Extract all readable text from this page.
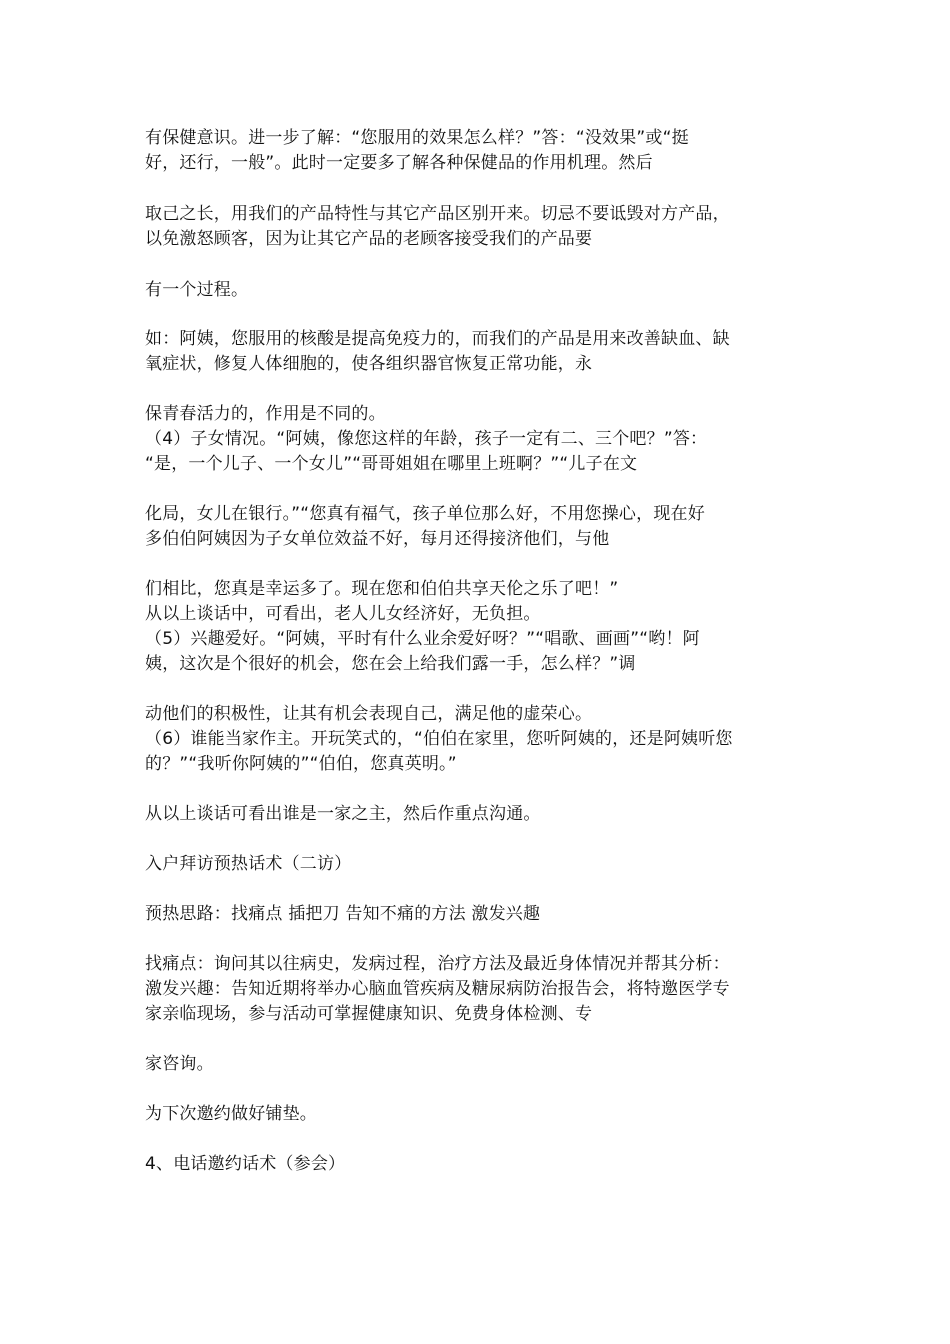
有保健意识。进一步了解：“您服用的效果怎么样？”答：“没效果”或“挺
好，还行，一般”。此时一定要多了解各种保健品的作用机理。然后
取己之长，用我们的产品特性与其它产品区别开来。切忌不要诋毁对方产品，
以免激怒顾客，因为让其它产品的老顾客接受我们的产品要
有一个过程。
如：阿姨，您服用的核酸是提高免疫力的，而我们的产品是用来改善缺血、缺
氧症状，修复人体细胞的，使各组织器官恢复正常功能，永
保青春活力的，作用是不同的。
（4）子女情况。“阿姨，像您这样的年龄，孩子一定有二、三个吧？”答：
“是，一个儿子、一个女儿”“哥哥姐姐在哪里上班啊？”“儿子在文
化局，女儿在银行。”“您真有福气，孩子单位那么好，不用您操心，现在好
多伯伯阿姨因为子女单位效益不好，每月还得接济他们，与他
们相比，您真是幸运多了。现在您和伯伯共享天伦之乐了吧！”
从以上谈话中，可看出，老人儿女经济好，无负担。
（5）兴趣爱好。“阿姨，平时有什么业余爱好呀？”“唱歌、画画”“哟！阿
姨，这次是个很好的机会，您在会上给我们露一手，怎么样？”调
动他们的积极性，让其有机会表现自己，满足他的虚荣心。
（6）谁能当家作主。开玩笑式的，“伯伯在家里，您听阿姨的，还是阿姨听您
的？”“我听你阿姨的”“伯伯，您真英明。”
从以上谈话可看出谁是一家之主，然后作重点沟通。
入户拜访预热话术（二访）
预热思路：找痛点 插把刀 告知不痛的方法 激发兴趣
找痛点：询问其以往病史，发病过程，治疗方法及最近身体情况并帮其分析：
激发兴趣：告知近期将举办心脑血管疾病及糖尿病防治报告会，将特邀医学专
家亲临现场，参与活动可掌握健康知识、免费身体检测、专
家咨询。
为下次邀约做好铺垫。
4、电话邀约话术（参会）
